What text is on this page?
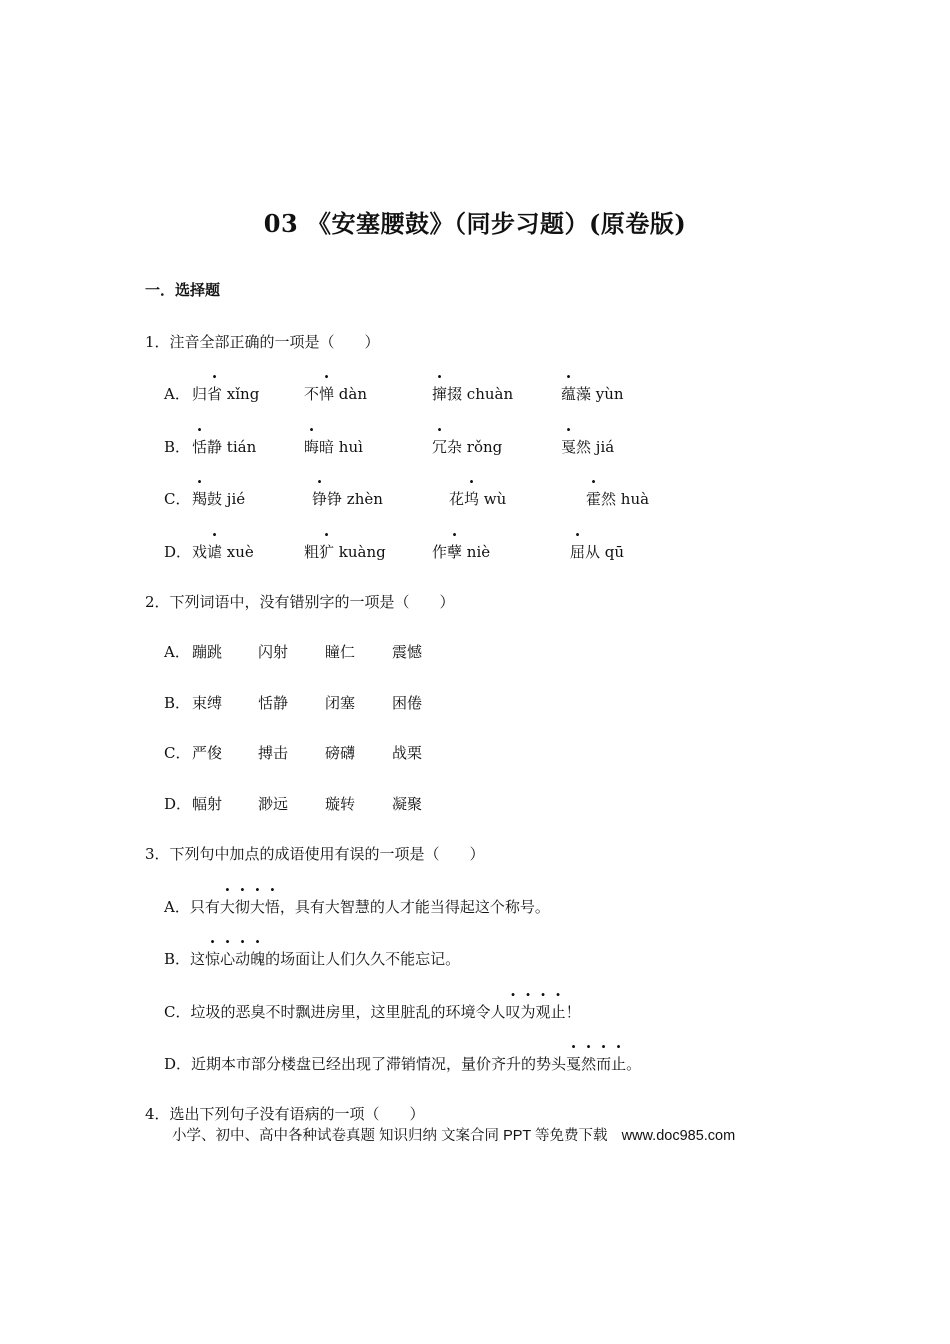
03 《安塞腰鼓》（同步习题）(原卷版)
一．选择题
1．注音全部正确的一项是（　　）
A． 归省 xǐng	不惮 dàn	撺掇 chuàn	蕴藻 yùn
B． 恬静 tián	晦暗 huì	冗杂 rǒng	戛然 jiá
C． 羯鼓 jié	铮铮 zhèn	花坞 wù	霍然 huà
D． 戏谑 xuè	粗犷 kuàng	作孽 niè	屈从 qū
2．下列词语中，没有错别字的一项是（　　）
A． 蹦跳 闪射 瞳仁 震憾
B． 束缚 恬静 闭塞 困倦
C． 严俊 搏击 磅礴 战栗
D． 幅射 渺远 璇转 凝聚
3．下列句中加点的成语使用有误的一项是（　　）
A．只有大彻大悟，具有大智慧的人才能当得起这个称号。
B．这惊心动魄的场面让人们久久不能忘记。
C．垃圾的恶臭不时飘进房里，这里脏乱的环境令人叹为观止！
D．近期本市部分楼盘已经出现了滞销情况，量价齐升的势头戛然而止。
4．选出下列句子没有语病的一项（　　）
小学、初中、高中各种试卷真题 知识归纳 文案合同 PPT 等免费下载 www.doc985.com
